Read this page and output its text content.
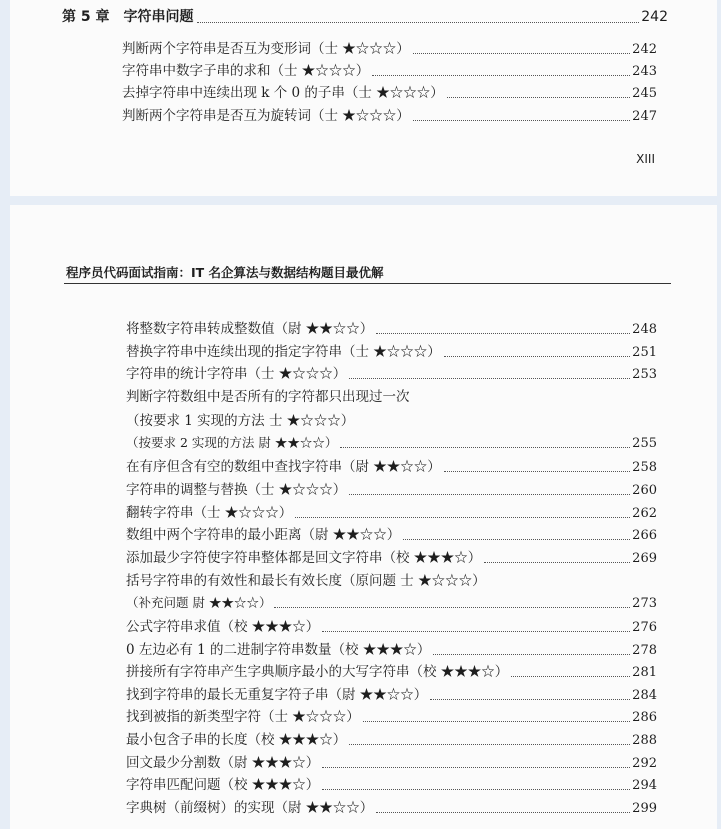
第 5 章 字符串问题	242
判断两个字符串是否互为变形词（士 ★☆☆☆）	242
字符串中数字子串的求和（士 ★☆☆☆）	243
去掉字符串中连续出现 k 个 0 的子串（士 ★☆☆☆）	245
判断两个字符串是否互为旋转词（士 ★☆☆☆）	247
XIII
程序员代码面试指南：IT 名企算法与数据结构题目最优解
将整数字符串转成整数值（尉 ★★☆☆）	248
替换字符串中连续出现的指定字符串（士 ★☆☆☆）	251
字符串的统计字符串（士 ★☆☆☆）	253
判断字符数组中是否所有的字符都只出现过一次
（按要求 1 实现的方法 士 ★☆☆☆）
（按要求 2 实现的方法 尉 ★★☆☆）	255
在有序但含有空的数组中查找字符串（尉 ★★☆☆）	258
字符串的调整与替换（士 ★☆☆☆）	260
翻转字符串（士 ★☆☆☆）	262
数组中两个字符串的最小距离（尉 ★★☆☆）	266
添加最少字符使字符串整体都是回文字符串（校 ★★★☆）	269
括号字符串的有效性和最长有效长度（原问题 士 ★☆☆☆）
（补充问题 尉 ★★☆☆）	273
公式字符串求值（校 ★★★☆）	276
0 左边必有 1 的二进制字符串数量（校 ★★★☆）	278
拼接所有字符串产生字典顺序最小的大写字符串（校 ★★★☆）	281
找到字符串的最长无重复字符子串（尉 ★★☆☆）	284
找到被指的新类型字符（士 ★☆☆☆）	286
最小包含子串的长度（校 ★★★☆）	288
回文最少分割数（尉 ★★★☆）	292
字符串匹配问题（校 ★★★☆）	294
字典树（前缀树）的实现（尉 ★★☆☆）	299
